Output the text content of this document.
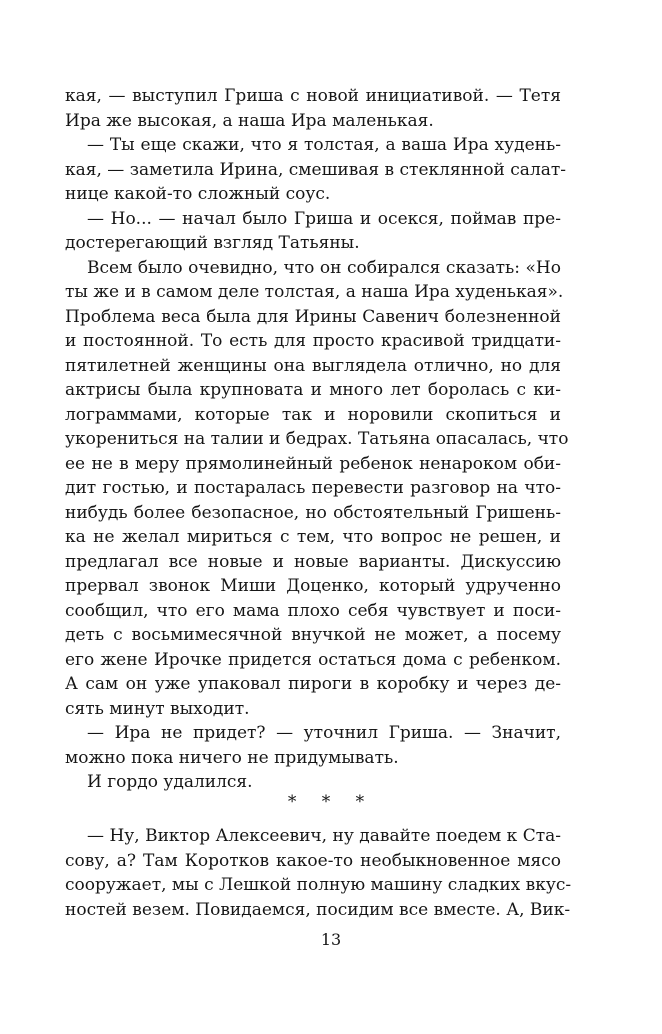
кая, — выступил Гриша с новой инициативой. — Тетя
Ира же высокая, а наша Ира маленькая.
— Ты еще скажи, что я толстая, а ваша Ира худень-
кая, — заметила Ирина, смешивая в стеклянной салат-
нице какой-то сложный соус.
— Но... — начал было Гриша и осекся, поймав пре-
достерегающий взгляд Татьяны.
Всем было очевидно, что он собирался сказать: «Но
ты же и в самом деле толстая, а наша Ира худенькая».
Проблема веса была для Ирины Савенич болезненной
и постоянной. То есть для просто красивой тридцати-
пятилетней женщины она выглядела отлично, но для
актрисы была крупновата и много лет боролась с ки-
лограммами, которые так и норовили скопиться и
укорениться на талии и бедрах. Татьяна опасалась, что
ее не в меру прямолинейный ребенок ненароком оби-
дит гостью, и постаралась перевести разговор на что-
нибудь более безопасное, но обстоятельный Гришень-
ка не желал мириться с тем, что вопрос не решен, и
предлагал все новые и новые варианты. Дискуссию
прервал звонок Миши Доценко, который удрученно
сообщил, что его мама плохо себя чувствует и поси-
деть с восьмимесячной внучкой не может, а посему
его жене Ирочке придется остаться дома с ребенком.
А сам он уже упаковал пироги в коробку и через де-
сять минут выходит.
— Ира не придет? — уточнил Гриша. — Значит,
можно пока ничего не придумывать.
И гордо удалился.
* * *
— Ну, Виктор Алексеевич, ну давайте поедем к Ста-
сову, а? Там Коротков какое-то необыкновенное мясо
сооружает, мы с Лешкой полную машину сладких вкус-
ностей везем. Повидаемся, посидим все вместе. А, Вик-
13
